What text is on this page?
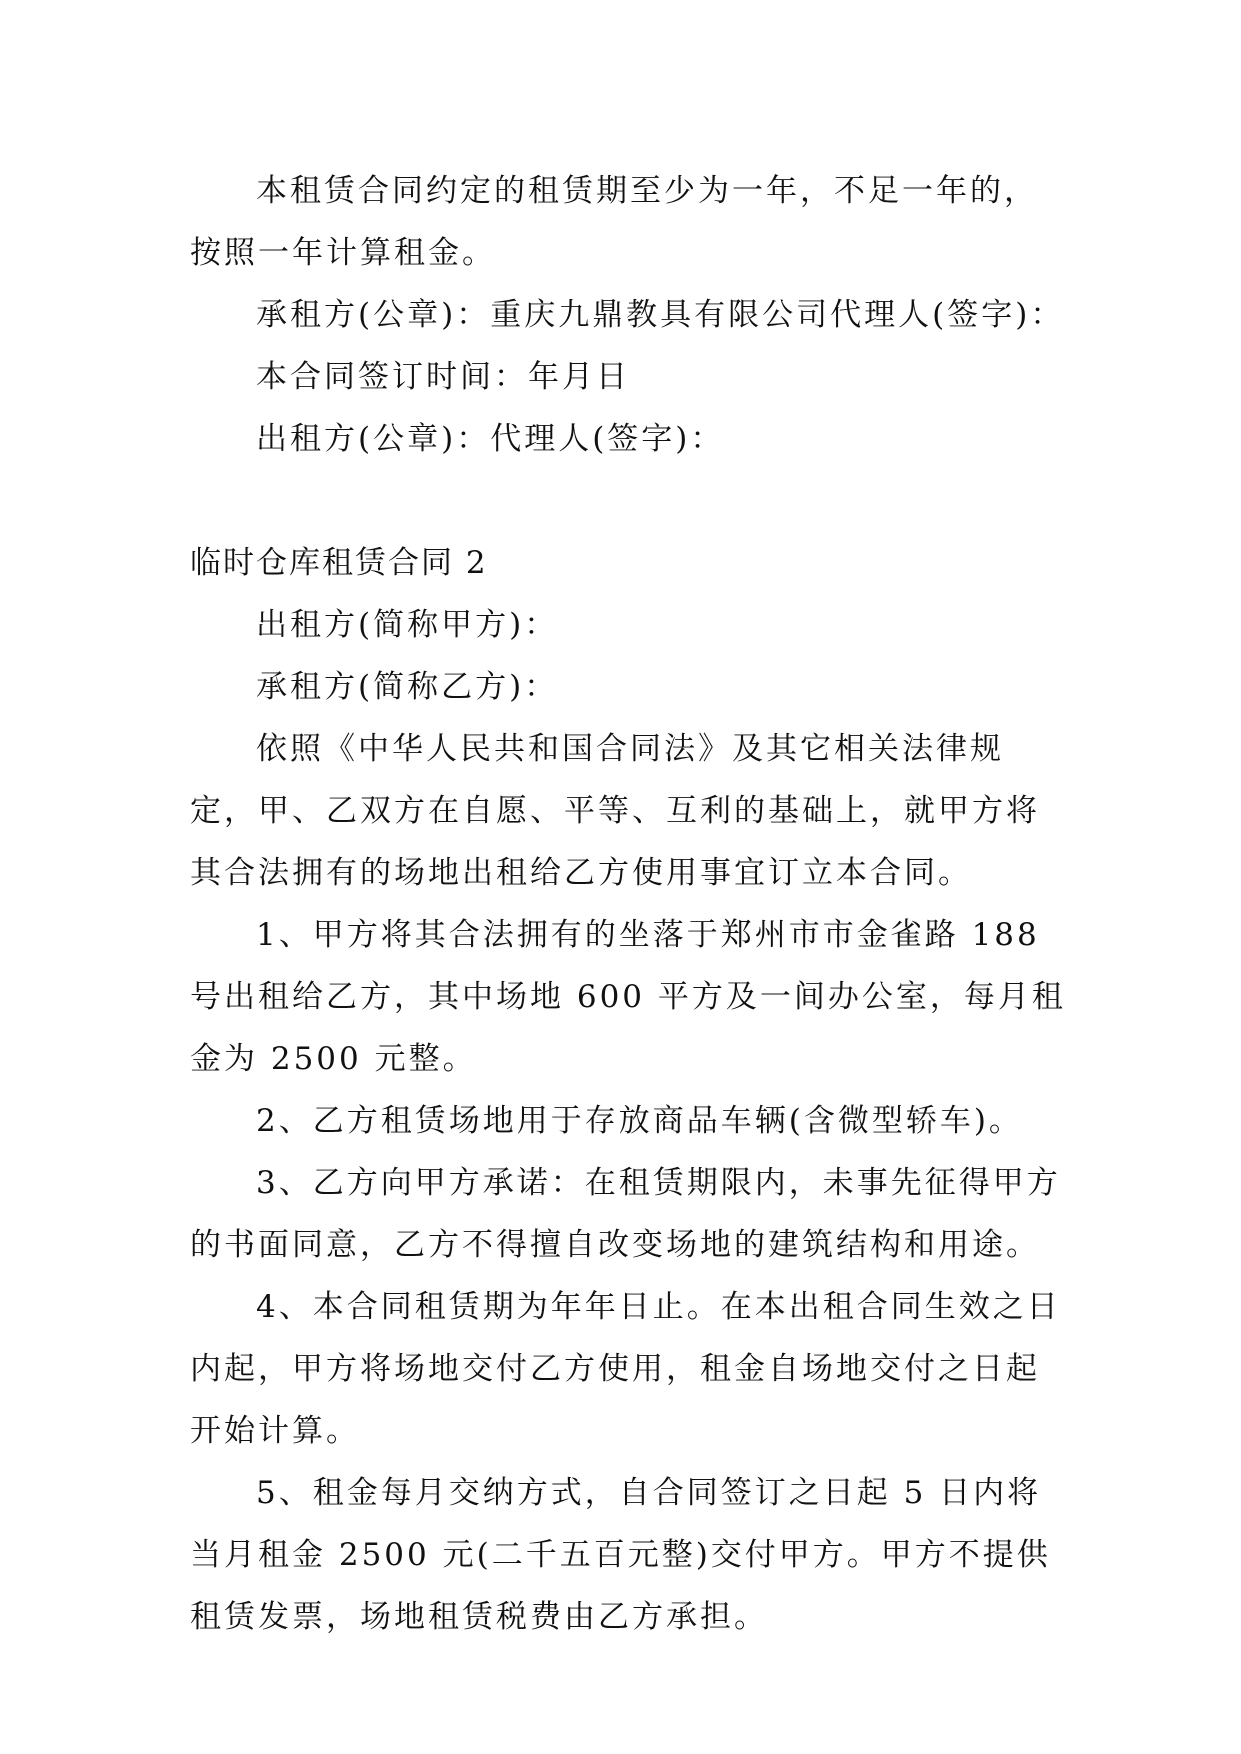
本租赁合同约定的租赁期至少为一年，不足一年的，按照一年计算租金。

承租方(公章)：重庆九鼎教具有限公司代理人(签字)：

本合同签订时间：年月日

出租方(公章)：代理人(签字)：

临时仓库租赁合同 2

出租方(简称甲方)：

承租方(简称乙方)：

依照《中华人民共和国合同法》及其它相关法律规定，甲、乙双方在自愿、平等、互利的基础上，就甲方将其合法拥有的场地出租给乙方使用事宜订立本合同。

1、甲方将其合法拥有的坐落于郑州市市金雀路 188 号出租给乙方，其中场地 600 平方及一间办公室，每月租金为 2500 元整。

2、乙方租赁场地用于存放商品车辆(含微型轿车)。

3、乙方向甲方承诺：在租赁期限内，未事先征得甲方的书面同意，乙方不得擅自改变场地的建筑结构和用途。

4、本合同租赁期为年年日止。在本出租合同生效之日内起，甲方将场地交付乙方使用，租金自场地交付之日起开始计算。

5、租金每月交纳方式，自合同签订之日起 5 日内将当月租金 2500 元(二千五百元整)交付甲方。甲方不提供租赁发票，场地租赁税费由乙方承担。
